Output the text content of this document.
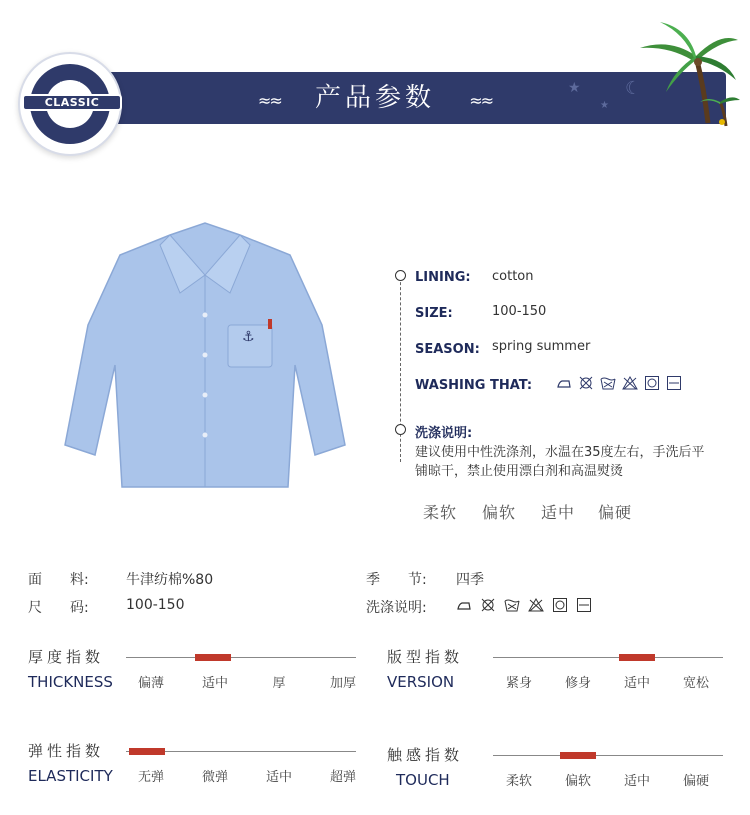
≈≈ 产品参数 ≈≈
★
★
☾
★ ★ ★
CLASSIC
⚓
LINING: cotton
SIZE:	100-150
SEASON: spring summer
WASHING THAT:
洗涤说明:
建议使用中性洗涤剂，水温在35度左右，手洗后平铺晾干，禁止使用漂白剂和高温熨烫
柔软 偏软 适中 偏硬
面　　料:	牛津纺棉%80
尺　　码:	100-150
季　　节: 四季
洗涤说明:
厚度指数
THICKNESS	偏薄	适中	厚	加厚
版型指数
VERSION	紧身	修身	适中	宽松
弹性指数
ELASTICITY	无弹	微弹	适中	超弹
触感指数
TOUCH	柔软	偏软	适中	偏硬
